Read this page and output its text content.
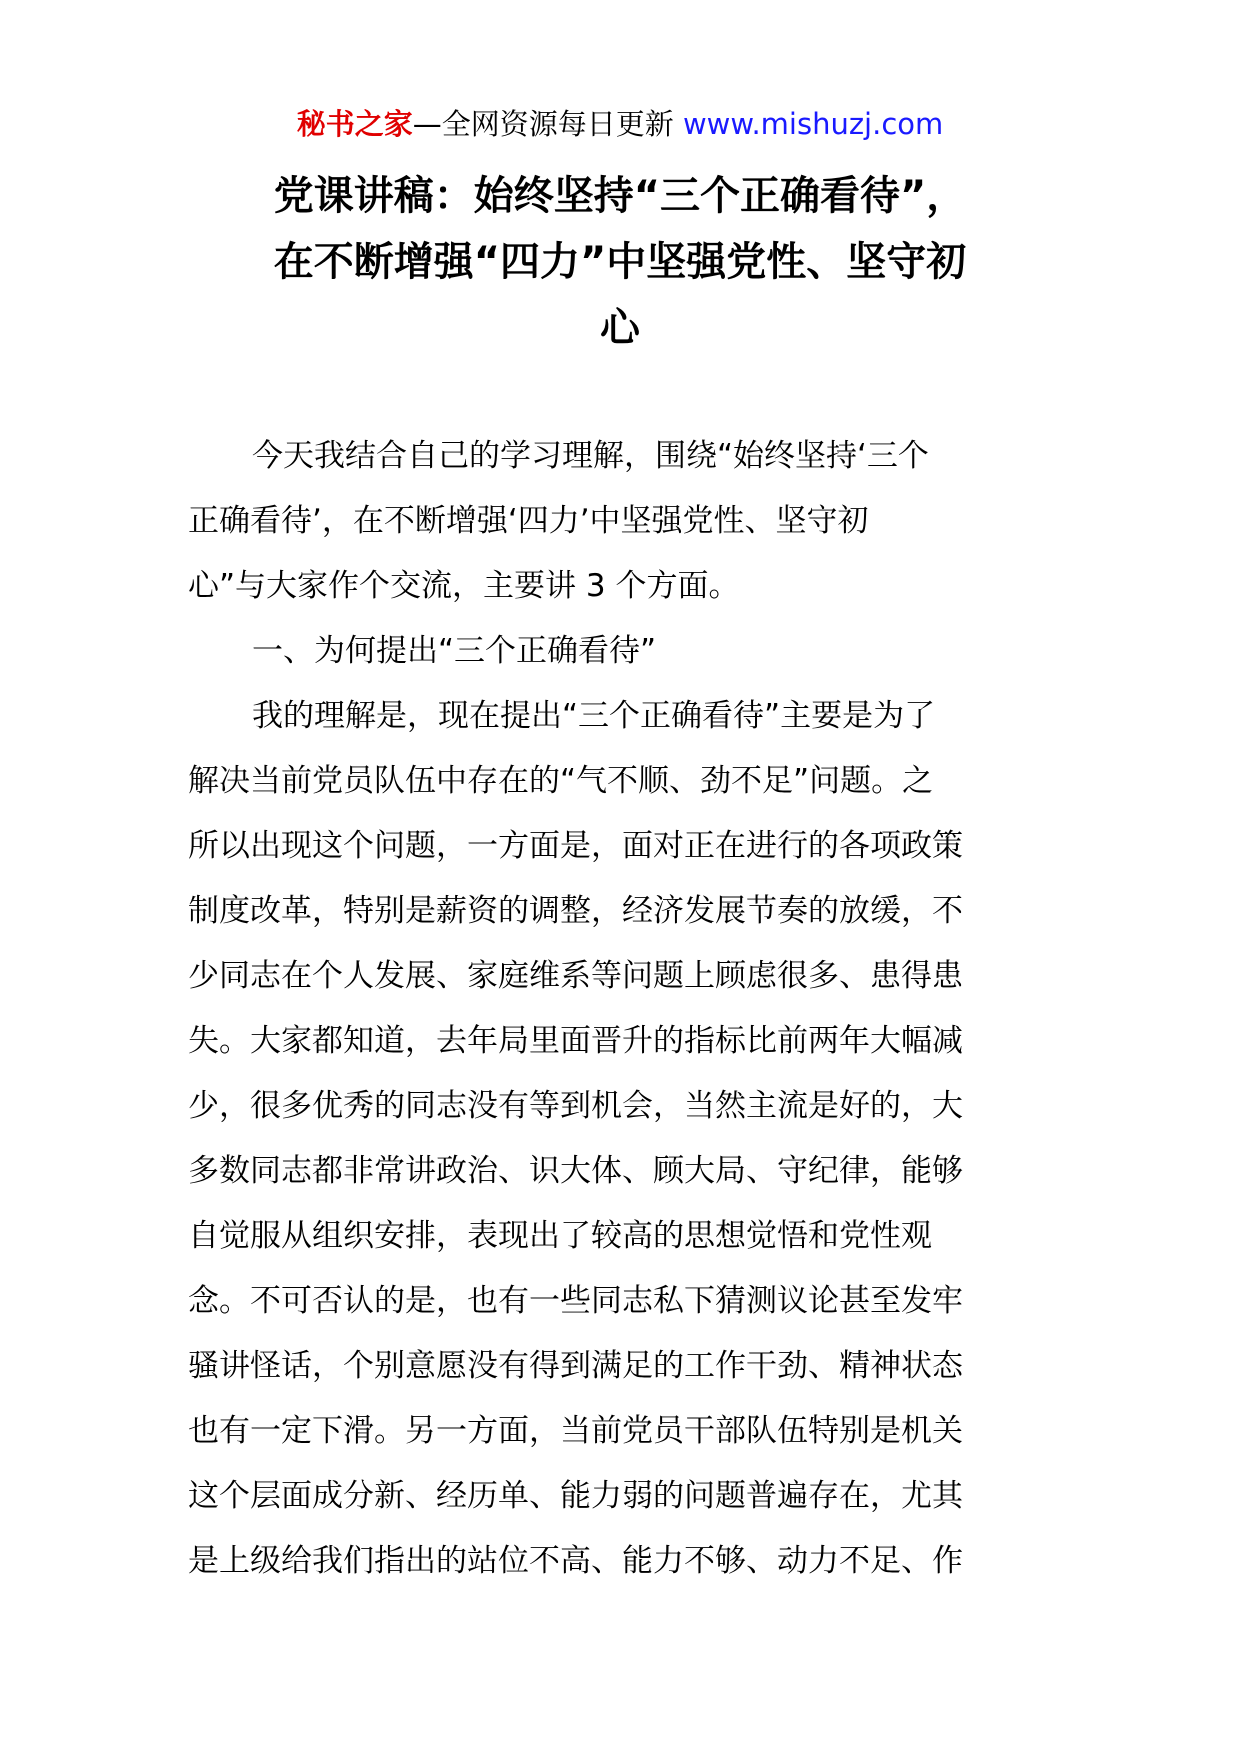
秘书之家—全网资源每日更新 www.mishuzj.com
党课讲稿：始终坚持“三个正确看待”，
在不断增强“四力”中坚强党性、坚守初
心
今天我结合自己的学习理解，围绕“始终坚持‘三个
正确看待’，在不断增强‘四力’中坚强党性、坚守初
心”与大家作个交流，主要讲 3 个方面。
一、为何提出“三个正确看待”
我的理解是，现在提出“三个正确看待”主要是为了
解决当前党员队伍中存在的“气不顺、劲不足”问题。之
所以出现这个问题，一方面是，面对正在进行的各项政策
制度改革，特别是薪资的调整，经济发展节奏的放缓，不
少同志在个人发展、家庭维系等问题上顾虑很多、患得患
失。大家都知道，去年局里面晋升的指标比前两年大幅减
少，很多优秀的同志没有等到机会，当然主流是好的，大
多数同志都非常讲政治、识大体、顾大局、守纪律，能够
自觉服从组织安排，表现出了较高的思想觉悟和党性观
念。不可否认的是，也有一些同志私下猜测议论甚至发牢
骚讲怪话，个别意愿没有得到满足的工作干劲、精神状态
也有一定下滑。另一方面，当前党员干部队伍特别是机关
这个层面成分新、经历单、能力弱的问题普遍存在，尤其
是上级给我们指出的站位不高、能力不够、动力不足、作
